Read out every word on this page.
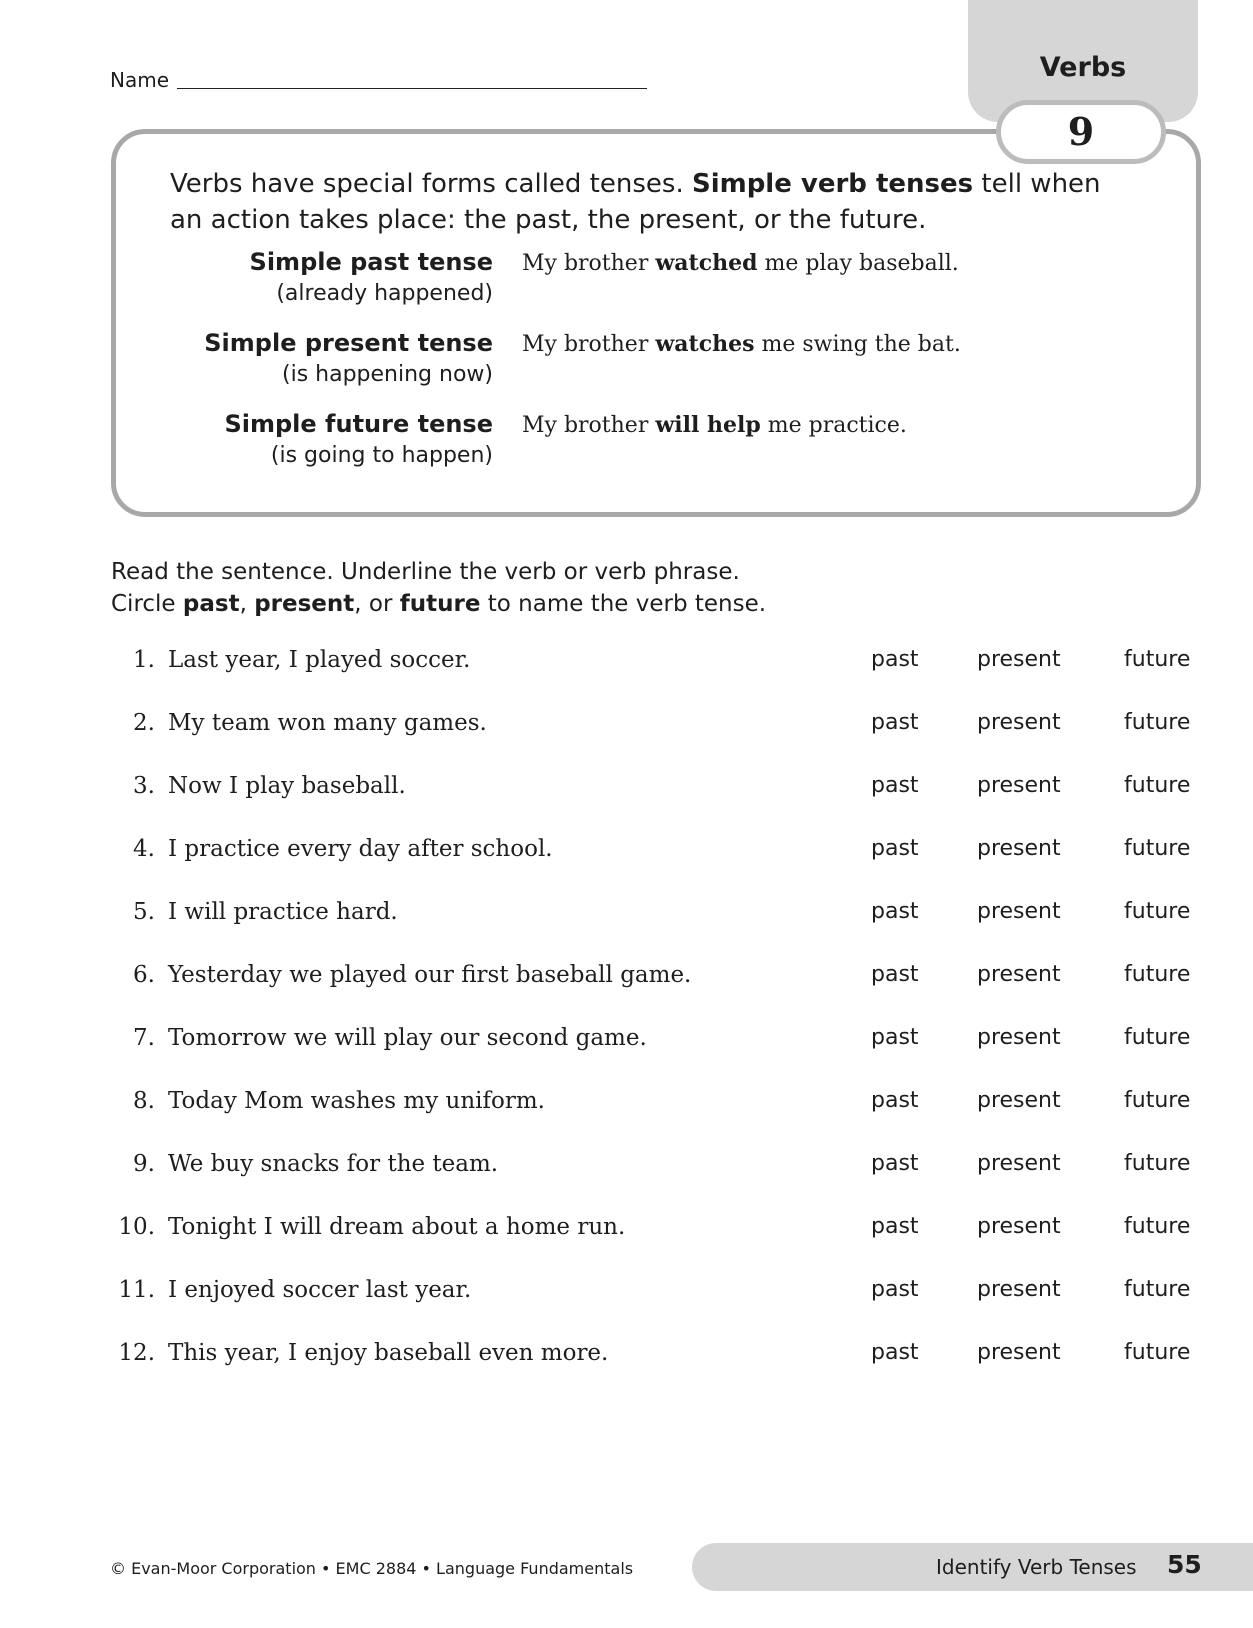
Name	Verbs
9
Verbs have special forms called tenses. Simple verb tenses tell when an action takes place: the past, the present, or the future.
Simple past tense
(already happened)
My brother watched me play baseball.
Simple present tense
(is happening now)
My brother watches me swing the bat.
Simple future tense
(is going to happen)
My brother will help me practice.
Read the sentence. Underline the verb or verb phrase.
Circle past, present, or future to name the verb tense.
1. Last year, I played soccer.	past	present	future
2. My team won many games.	past	present	future
3. Now I play baseball.	past	present	future
4. I practice every day after school.	past	present	future
5. I will practice hard.	past	present	future
6. Yesterday we played our first baseball game.	past	present	future
7. Tomorrow we will play our second game.	past	present	future
8. Today Mom washes my uniform.	past	present	future
9. We buy snacks for the team.	past	present	future
10. Tonight I will dream about a home run.	past	present	future
11. I enjoyed soccer last year.	past	present	future
12. This year, I enjoy baseball even more.	past	present	future
© Evan-Moor Corporation • EMC 2884 • Language Fundamentals	Identify Verb Tenses 55
